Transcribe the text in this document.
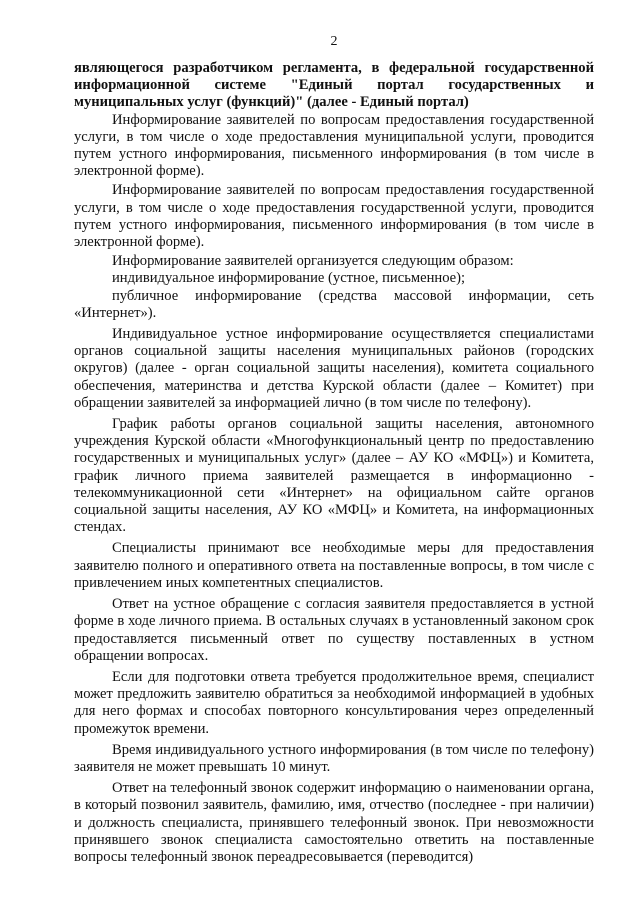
2

являющегося разработчиком регламента, в федеральной государственной информационной системе "Единый портал государственных и муниципальных услуг (функций)" (далее - Единый портал)

Информирование заявителей по вопросам предоставления государственной услуги, в том числе о ходе предоставления муниципальной услуги, проводится путем устного информирования, письменного информирования (в том числе в электронной форме).

Информирование заявителей по вопросам предоставления государственной услуги, в том числе о ходе предоставления государственной услуги, проводится путем устного информирования, письменного информирования (в том числе в электронной форме).

Информирование заявителей организуется следующим образом:

индивидуальное информирование (устное, письменное);

публичное информирование (средства массовой информации, сеть «Интернет»).

Индивидуальное устное информирование осуществляется специалистами органов социальной защиты населения муниципальных районов (городских округов) (далее - орган социальной защиты населения), комитета социального обеспечения, материнства и детства Курской области (далее – Комитет) при обращении заявителей за информацией лично (в том числе по телефону).

График работы органов социальной защиты населения, автономного учреждения Курской области «Многофункциональный центр по предоставлению государственных и муниципальных услуг» (далее – АУ КО «МФЦ») и Комитета, график личного приема заявителей размещается в информационно - телекоммуникационной сети «Интернет» на официальном сайте органов социальной защиты населения, АУ КО «МФЦ» и Комитета, на информационных стендах.

Специалисты принимают все необходимые меры для предоставления заявителю полного и оперативного ответа на поставленные вопросы, в том числе с привлечением иных компетентных специалистов.

Ответ на устное обращение с согласия заявителя предоставляется в устной форме в ходе личного приема. В остальных случаях в установленный законом срок предоставляется письменный ответ по существу поставленных в устном обращении вопросах.

Если для подготовки ответа требуется продолжительное время, специалист может предложить заявителю обратиться за необходимой информацией в удобных для него формах и способах повторного консультирования через определенный промежуток времени.

Время индивидуального устного информирования (в том числе по телефону) заявителя не может превышать 10 минут.

Ответ на телефонный звонок содержит информацию о наименовании органа, в который позвонил заявитель, фамилию, имя, отчество (последнее - при наличии) и должность специалиста, принявшего телефонный звонок. При невозможности принявшего звонок специалиста самостоятельно ответить на поставленные вопросы телефонный звонок переадресовывается (переводится)
